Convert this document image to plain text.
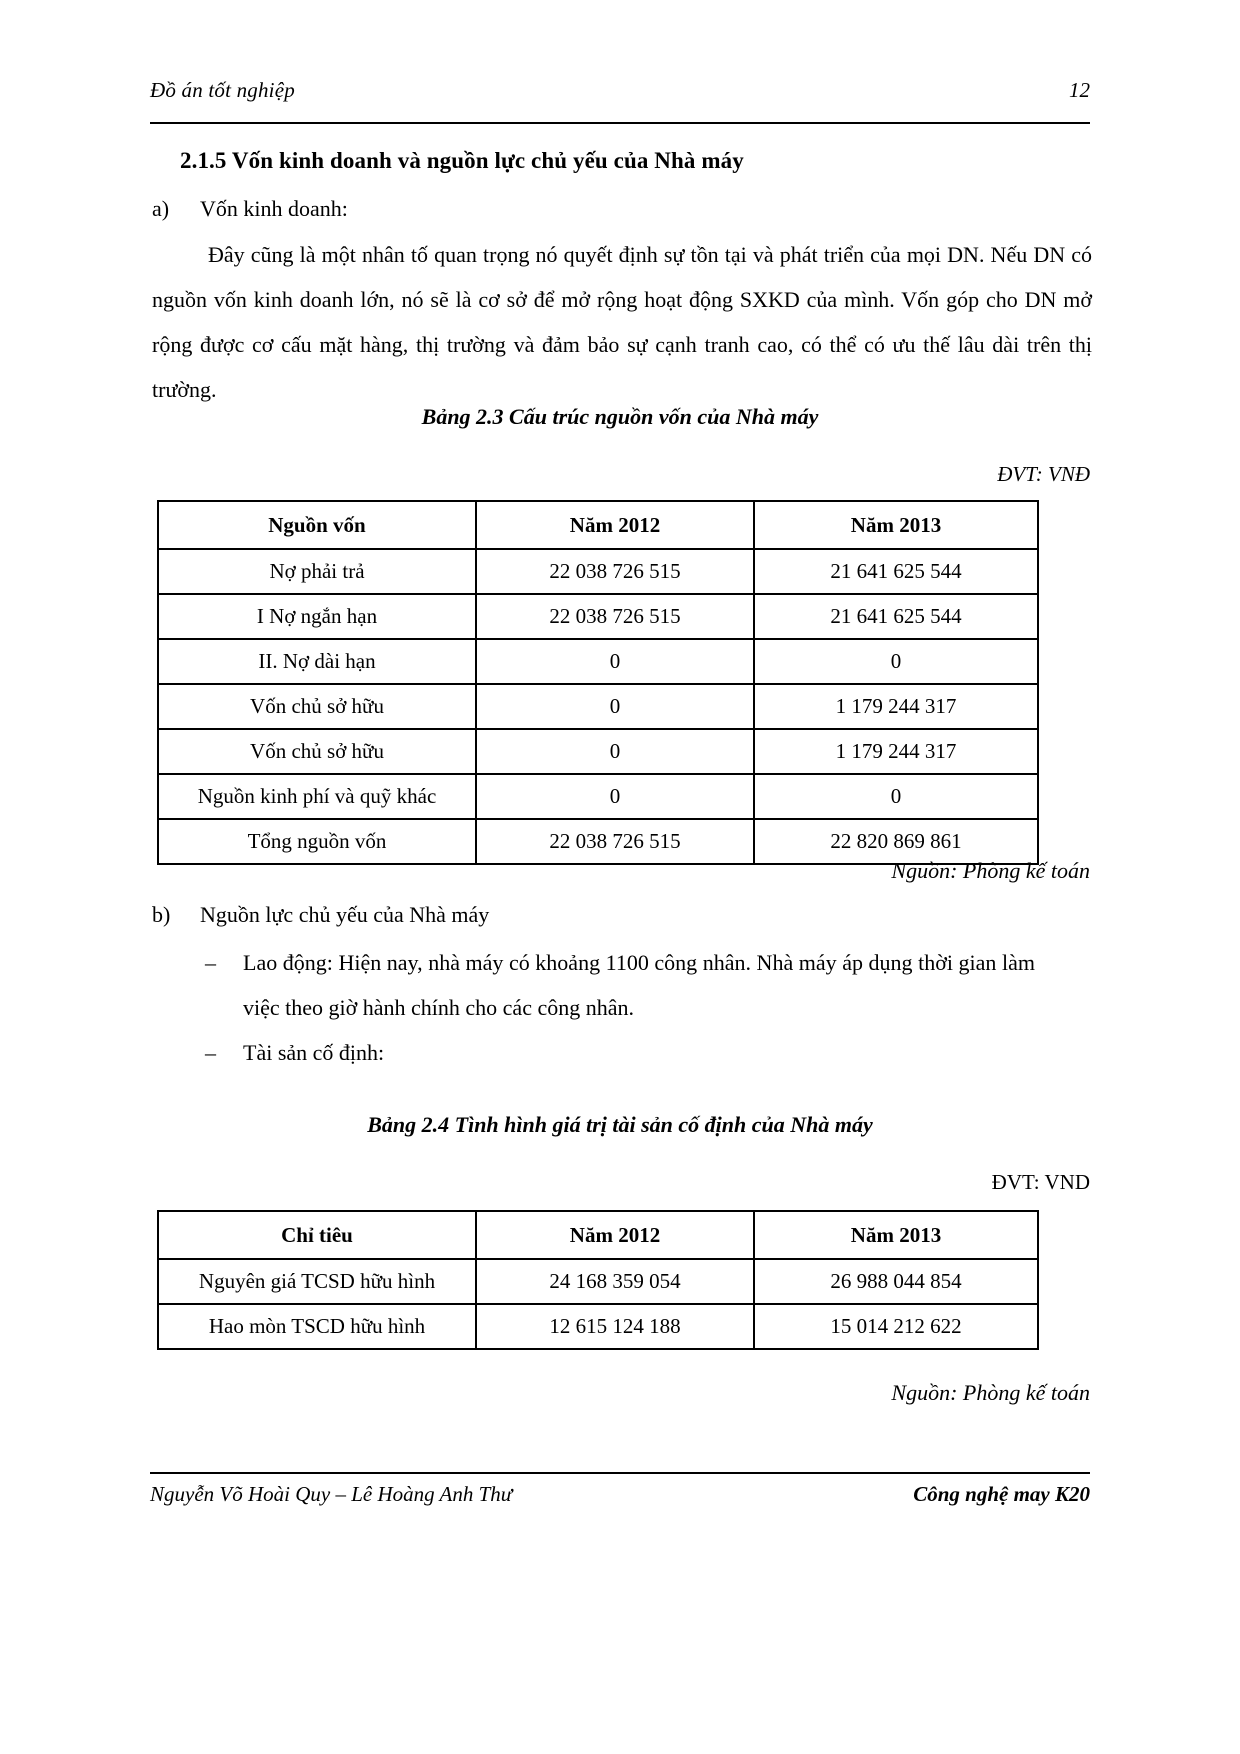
Đồ án tốt nghiệp	12
2.1.5 Vốn kinh doanh và nguồn lực chủ yếu của Nhà máy
a) Vốn kinh doanh:
Đây cũng là một nhân tố quan trọng nó quyết định sự tồn tại và phát triển của mọi DN. Nếu DN có nguồn vốn kinh doanh lớn, nó sẽ là cơ sở để mở rộng hoạt động SXKD của mình. Vốn góp cho DN mở rộng được cơ cấu mặt hàng, thị trường và đảm bảo sự cạnh tranh cao, có thể có ưu thế lâu dài trên thị trường.
Bảng 2.3 Cấu trúc nguồn vốn của Nhà máy
ĐVT: VNĐ
Nguồn vốn	Năm 2012	Năm 2013
Nợ phải trả	22 038 726 515	21 641 625 544
I Nợ ngắn hạn	22 038 726 515	21 641 625 544
II. Nợ dài hạn	0	0
Vốn chủ sở hữu	0	1 179 244 317
Vốn chủ sở hữu	0	1 179 244 317
Nguồn kinh phí và quỹ khác	0	0
Tổng nguồn vốn	22 038 726 515	22 820 869 861
Nguồn: Phòng kế toán
b) Nguồn lực chủ yếu của Nhà máy
– Lao động: Hiện nay, nhà máy có khoảng 1100 công nhân. Nhà máy áp dụng thời gian làm việc theo giờ hành chính cho các công nhân.
– Tài sản cố định:
Bảng 2.4 Tình hình giá trị tài sản cố định của Nhà máy
ĐVT: VND
Chỉ tiêu	Năm 2012	Năm 2013
Nguyên giá TCSD hữu hình	24 168 359 054	26 988 044 854
Hao mòn TSCD hữu hình	12 615 124 188	15 014 212 622
Nguồn: Phòng kế toán
Nguyễn Võ Hoài Quy – Lê Hoàng Anh Thư	Công nghệ may K20
